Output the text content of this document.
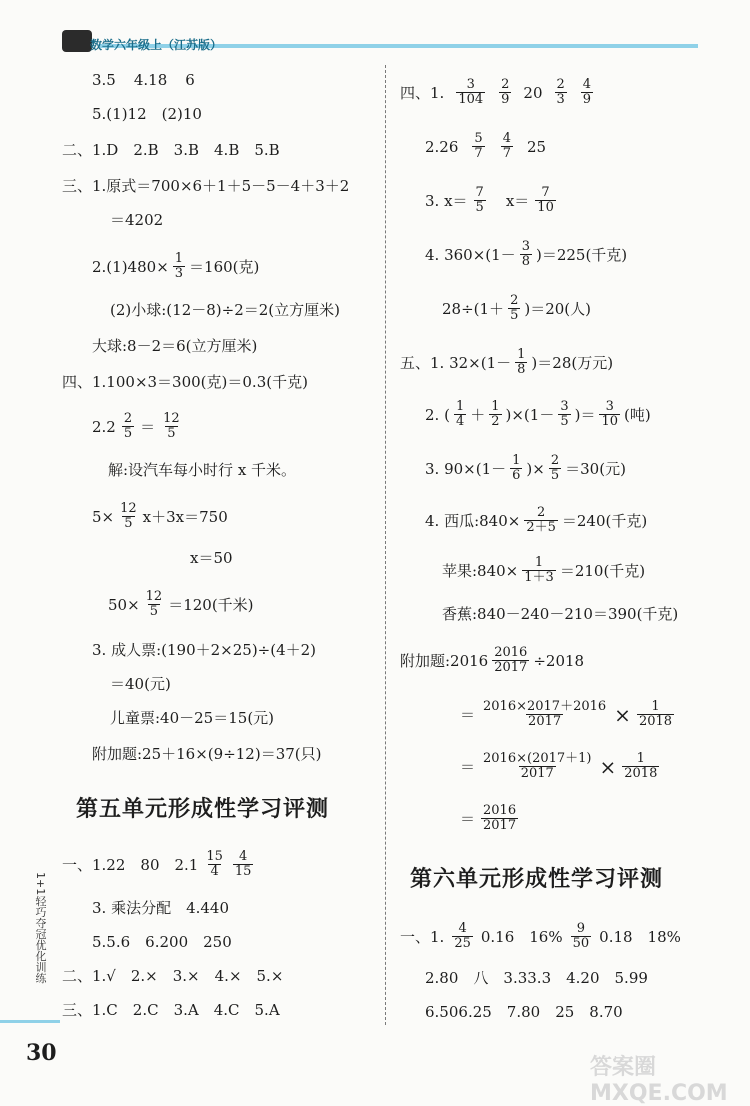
数学六年级上（江苏版）
3.5 4.18 6
5.(1)12　(2)10
二、1.D　2.B　3.B　4.B　5.B
三、1.原式＝700×6＋1＋5－5－4＋3＋2
＝4202
$2.(1)480\times \frac{1}{3} =160$(克)
(2)小球:(12－8)÷2＝2(立方厘米)
大球:8－2＝6(立方厘米)
四、1.100×3＝300(克)＝0.3(千克)
$2.2 \frac{2}{5} = \frac{12}{5}$
解:设汽车每小时行 x 千米。
$5\times \frac{12}{5} x+3x=750$
x＝50
$50\times \frac{12}{5} =120$(千米)
3. 成人票:(190＋2×25)÷(4＋2)
＝40(元)
儿童票:40－25＝15(元)
附加题:25＋16×(9÷12)＝37(只)
第五单元形成性学习评测
一、1.22　80　$2.1 \frac{15}{4} \frac{4}{15}$
3. 乘法分配　4.440
5.5.6　6.200　250
二、1.√　2.×　3.×　4.×　5.×
三、1.C　2.C　3.A　4.C　5.A
四、1. $\frac{3}{104} \frac{2}{9} 20 \frac{2}{3} \frac{4}{9}$
$2.26 \frac{5}{7} \frac{4}{7} 25$
3. $x= \frac{7}{5} x= \frac{7}{10}$
4. $360\times(1- \frac{3}{8} )=225$(千克)
$28\div(1+ \frac{2}{5} )=20$(人)
五、1. $32\times(1- \frac{1}{8} )=28$(万元)
2. ( $\frac{1}{4} + \frac{1}{2} )\times(1- \frac{3}{5}$ )＝ $\frac{3}{10}$ (吨)
3. $90\times(1- \frac{1}{6}$ )× $\frac{2}{5} =30$(元)
4. 西瓜:840× $\frac{2}{2+5} =240$(千克)
苹果:840× $\frac{1}{1+3} =210$(千克)
香蕉:840－240－210＝390(千克)
附加题:2016 $\frac{2016}{2017} \div 2018$
＝ $\frac{2016\times 2017+2016}{2017} \times \frac{1}{2018}$
＝ $\frac{2016\times(2017+1)}{2017} \times \frac{1}{2018}$
＝ $\frac{2016}{2017}$
第六单元形成性学习评测
一、1. $\frac{4}{25} 0.16$　$16\% \frac{9}{50} 0.18$　18%
2.80　八　3.33.3　4.20　5.99
6.506.25　7.80　25　8.70
1+1轻巧夺冠优化训练
30
答案圈 MXQE.COM
